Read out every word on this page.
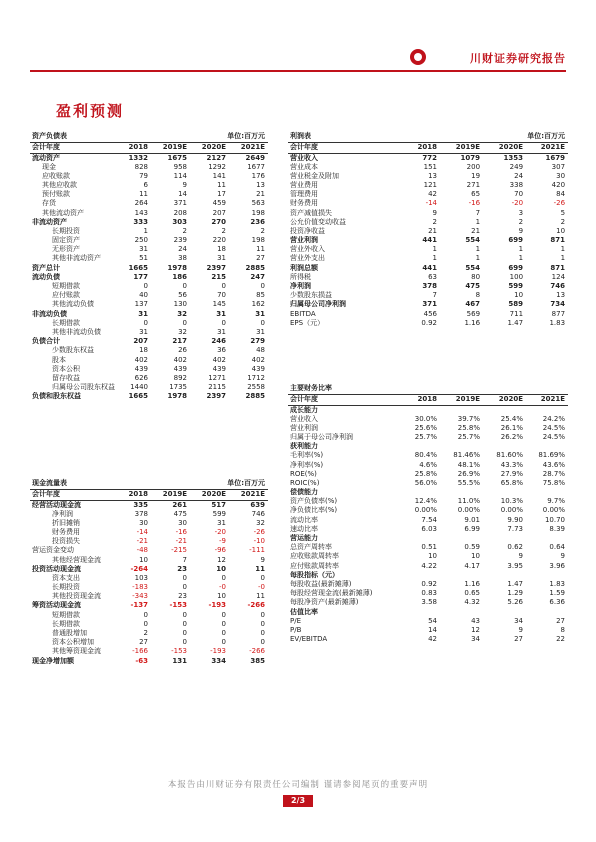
川财证券研究报告
盈利预测
资产负债表			单位:百万元	
会计年度	2018	2019E	2020E	2021E
流动资产	1332	1675	2127	2649
现金	828	958	1292	1677
应收账款	79	114	141	176
其他应收款	6	9	11	13
预付账款	11	14	17	21
存货	264	371	459	563
其他流动资产	143	208	207	198
非流动资产	333	303	270	236
长期投资	1	2	2	2
固定资产	250	239	220	198
无形资产	31	24	18	11
其他非流动资产	51	38	31	27
资产总计	1665	1978	2397	2885
流动负债	177	186	215	247
短期借款	0	0	0	0
应付账款	40	56	70	85
其他流动负债	137	130	145	162
非流动负债	31	32	31	31
长期借款	0	0	0	0
其他非流动负债	31	32	31	31
负债合计	207	217	246	279
少数股东权益	18	26	36	48
股本	402	402	402	402
资本公积	439	439	439	439
留存收益	626	892	1271	1712
归属母公司股东权益	1440	1735	2115	2558
负债和股东权益	1665	1978	2397	2885
利润表			单位:百万元	
会计年度	2018	2019E	2020E	2021E
营业收入	772	1079	1353	1679
营业成本	151	200	249	307
营业税金及附加	13	19	24	30
营业费用	121	271	338	420
管理费用	42	65	70	84
财务费用	-14	-16	-20	-26
资产减值损失	9	7	3	5
公允价值变动收益	2	1	2	2
投资净收益	21	21	9	10
营业利润	441	554	699	871
营业外收入	1	1	1	1
营业外支出	1	1	1	1
利润总额	441	554	699	871
所得税	63	80	100	124
净利润	378	475	599	746
少数股东损益	7	8	10	13
归属母公司净利润	371	467	589	734
EBITDA	456	569	711	877
EPS（元）	0.92	1.16	1.47	1.83
主要财务比率				
会计年度	2018	2019E	2020E	2021E
成长能力				
营业收入	30.0%	39.7%	25.4%	24.2%
营业利润	25.6%	25.8%	26.1%	24.5%
归属于母公司净利润	25.7%	25.7%	26.2%	24.5%
获利能力				
毛利率(%)	80.4%	81.46%	81.60%	81.69%
净利率(%)	4.6%	48.1%	43.3%	43.6%
ROE(%)	25.8%	26.9%	27.9%	28.7%
ROIC(%)	56.0%	55.5%	65.8%	75.8%
偿债能力				
资产负债率(%)	12.4%	11.0%	10.3%	9.7%
净负债比率(%)	0.00%	0.00%	0.00%	0.00%
流动比率	7.54	9.01	9.90	10.70
速动比率	6.03	6.99	7.73	8.39
营运能力				
总资产周转率	0.51	0.59	0.62	0.64
应收账款周转率	10	10	9	9
应付账款周转率	4.22	4.17	3.95	3.96
每股指标（元）				
每股收益(最新摊薄)	0.92	1.16	1.47	1.83
每股经营现金流(最新摊薄)	0.83	0.65	1.29	1.59
每股净资产(最新摊薄)	3.58	4.32	5.26	6.36
估值比率				
P/E	54	43	34	27
P/B	14	12	9	8
EV/EBITDA	42	34	27	22
现金流量表			单位:百万元	
会计年度	2018	2019E	2020E	2021E
经营活动现金流	335	261	517	639
净利润	378	475	599	746
折旧摊销	30	30	31	32
财务费用	-14	-16	-20	-26
投资损失	-21	-21	-9	-10
营运资金变动	-48	-215	-96	-111
其他经营现金流	10	7	12	9
投资活动现金流	-264	23	10	11
资本支出	103	0	0	0
长期投资	-183	0	-0	-0
其他投资现金流	-343	23	10	11
筹资活动现金流	-137	-153	-193	-266
短期借款	0	0	0	0
长期借款	0	0	0	0
普通股增加	2	0	0	0
资本公积增加	27	0	0	0
其他筹资现金流	-166	-153	-193	-266
现金净增加额	-63	131	334	385
本报告由川财证券有限责任公司编制 谨请参阅尾页的重要声明
2/3
